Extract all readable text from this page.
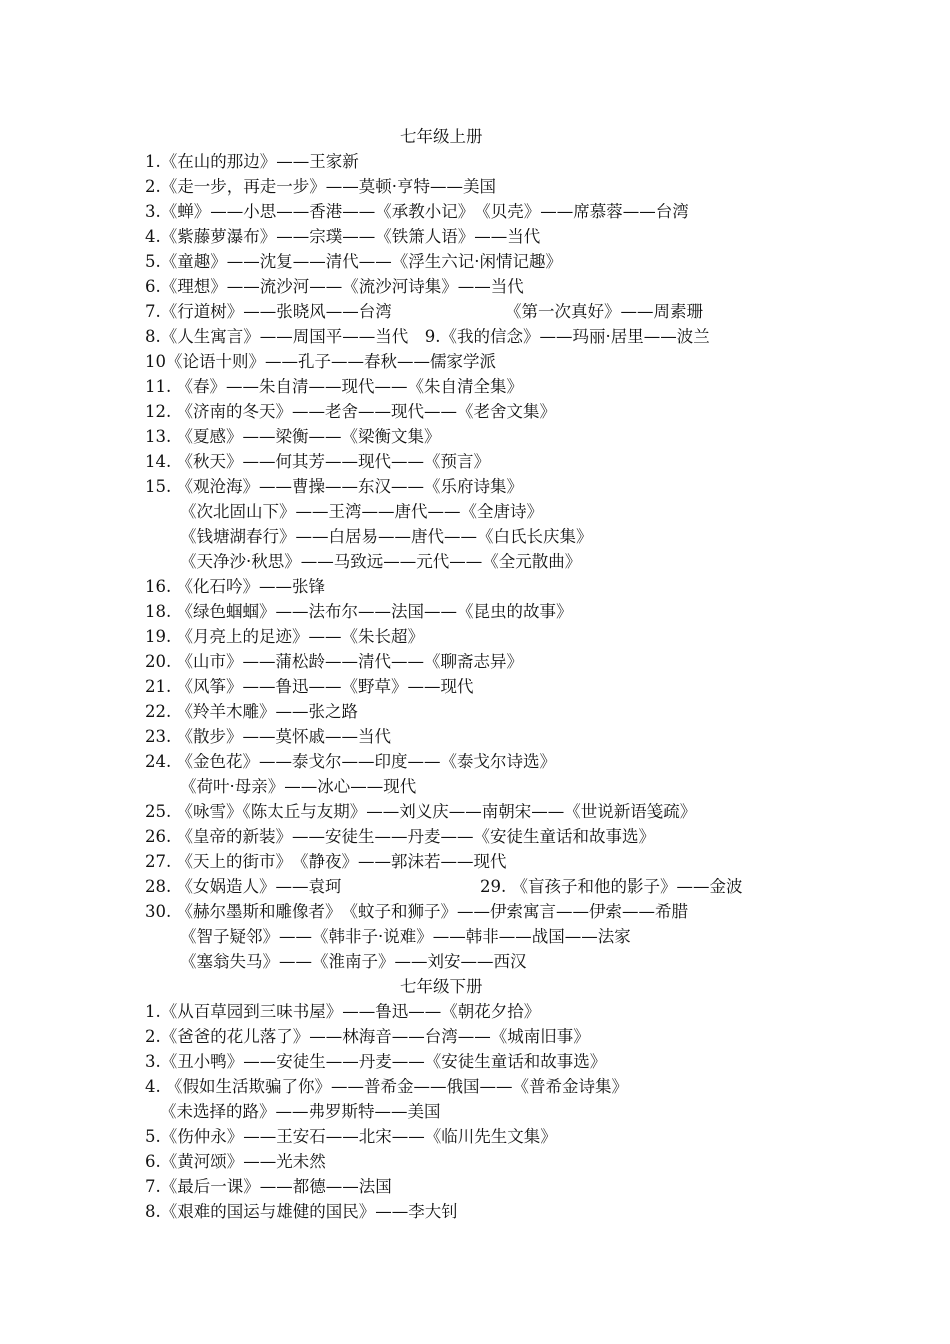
七年级上册
1.《在山的那边》——王家新
2.《走一步，再走一步》——莫顿·亨特——美国
3.《蝉》——小思——香港——《承教小记》　《贝壳》——席慕蓉——台湾
4.《紫藤萝瀑布》——宗璞——《铁箫人语》——当代
5.《童趣》——沈复——清代——《浮生六记·闲情记趣》
6.《理想》——流沙河——《流沙河诗集》——当代
7.《行道树》——张晓风——台湾	《第一次真好》——周素珊
8.《人生寓言》——周国平——当代　9.《我的信念》——玛丽·居里——波兰
10《论语十则》——孔子——春秋——儒家学派
11. 《春》——朱自清——现代——《朱自清全集》
12. 《济南的冬天》——老舍——现代——《老舍文集》
13. 《夏感》——梁衡——《梁衡文集》
14. 《秋天》——何其芳——现代——《预言》
15. 《观沧海》——曹操——东汉——《乐府诗集》
《次北固山下》——王湾——唐代——《全唐诗》
《钱塘湖春行》——白居易——唐代——《白氏长庆集》
《天净沙·秋思》——马致远——元代——《全元散曲》
16. 《化石吟》——张锋
18. 《绿色蝈蝈》——法布尔——法国——《昆虫的故事》
19. 《月亮上的足迹》——《朱长超》
20. 《山市》——蒲松龄——清代——《聊斋志异》
21. 《风筝》——鲁迅——《野草》——现代
22. 《羚羊木雕》——张之路
23. 《散步》——莫怀戚——当代
24. 《金色花》——泰戈尔——印度——《泰戈尔诗选》
《荷叶·母亲》——冰心——现代
25. 《咏雪》《陈太丘与友期》——刘义庆——南朝宋——《世说新语笺疏》
26. 《皇帝的新装》——安徒生——丹麦——《安徒生童话和故事选》
27. 《天上的街市》　《静夜》——郭沫若——现代
28. 《女娲造人》——袁珂	29. 《盲孩子和他的影子》——金波
30. 《赫尔墨斯和雕像者》　《蚊子和狮子》——伊索寓言——伊索——希腊
《智子疑邻》——《韩非子·说难》——韩非——战国——法家
《塞翁失马》——《淮南子》——刘安——西汉
七年级下册
1.《从百草园到三味书屋》——鲁迅——《朝花夕拾》
2.《爸爸的花儿落了》——林海音——台湾——《城南旧事》
3.《丑小鸭》——安徒生——丹麦——《安徒生童话和故事选》
4. 《假如生活欺骗了你》——普希金——俄国——《普希金诗集》
《未选择的路》——弗罗斯特——美国
5.《伤仲永》——王安石——北宋——《临川先生文集》
6.《黄河颂》——光未然
7.《最后一课》——都德——法国
8.《艰难的国运与雄健的国民》——李大钊
